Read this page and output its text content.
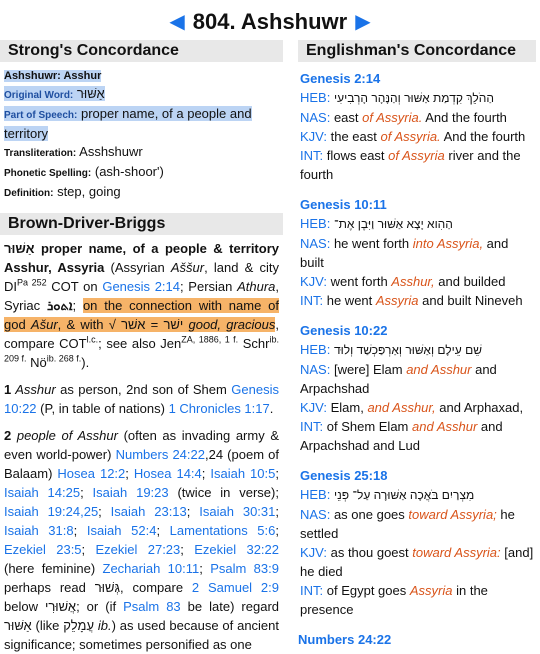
◀ 804. Ashshuwr ▶
Strong's Concordance
Ashshuwr: Asshur
Original Word: אַשּׁוּר
Part of Speech: proper name, of a people and
territory
Transliteration: Asshshuwr
Phonetic Spelling: (ash-shoor')
Definition: step, going
Brown-Driver-Briggs

אַשּׁוּר proper name, of a people & territory Asshur, Assyria (Assyrian Aššur, land & city $DI^{Pa 252}$ COT on Genesis 2:14; Persian Athura, Syriac ܐܬܘܪ; on the connection with name of god Ašur, & with √	ישׁר = אשׁר	good, gracious, compare $COT^{l.c.}$; see also Jen$^{ZA, 1886, 1 f.}$ Schr$^{ib. 209 f.}$ $Nö^{ib. 268 f.}$).

1 Asshur as person, 2nd son of Shem Genesis 10:22 (P, in table of nations) 1 Chronicles 1:17.

2 people of Asshur (often as invading army & even world-power) Numbers 24:22,24 (poem of Balaam) Hosea 12:2; Hosea 14:4; Isaiah 10:5; Isaiah 14:25; Isaiah 19:23 (twice in verse); Isaiah 19:24,25; Isaiah 23:13; Isaiah 30:31; Isaiah 31:8; Isaiah 52:4; Lamentations 5:6; Ezekiel 23:5; Ezekiel 27:23; Ezekiel 32:22 (here feminine) Zechariah 10:11; Psalm 83:9 perhaps read גְּשׁוּר, compare 2 Samuel 2:9 below אֲשׁוּרִי; or (if Psalm 83 be late) regard אַשּׁוּר (like עֲמָלֵק ib.) as used because of ancient significance; sometimes personified as one

Englishman's Concordance
Genesis 2:14
HEB: הַהֹלֵךְ קִדְמַת אַשּׁוּר וְהַנָּהָר הָרְבִיעִי
NAS: east of Assyria. And the fourth
KJV: the east of Assyria. And the fourth
INT: flows east of Assyria river and the fourth
Genesis 10:11
HEB: הַהִוא יָצָא אַשּׁוּר וַיִּבֶן אֶת־
NAS: he went forth into Assyria, and built
KJV: went forth Asshur, and builded
INT: he went Assyria and built Nineveh
Genesis 10:22
HEB: שֵׁם עֵילָם וְאַשּׁוּר וְאַרְפַּכְשַׁד וְלוּד
NAS: [were] Elam and Asshur and Arpachshad
KJV: Elam, and Asshur, and Arphaxad,
INT: of Shem Elam and Asshur and Arpachshad and Lud
Genesis 25:18
HEB: מִצְרַיִם בֹּאֲכָה אַשּׁוּרָה עַל־ פְּנֵי
NAS: as one goes toward Assyria; he settled
KJV: as thou goest toward Assyria: [and] he died
INT: of Egypt goes Assyria in the presence
Numbers 24:22
